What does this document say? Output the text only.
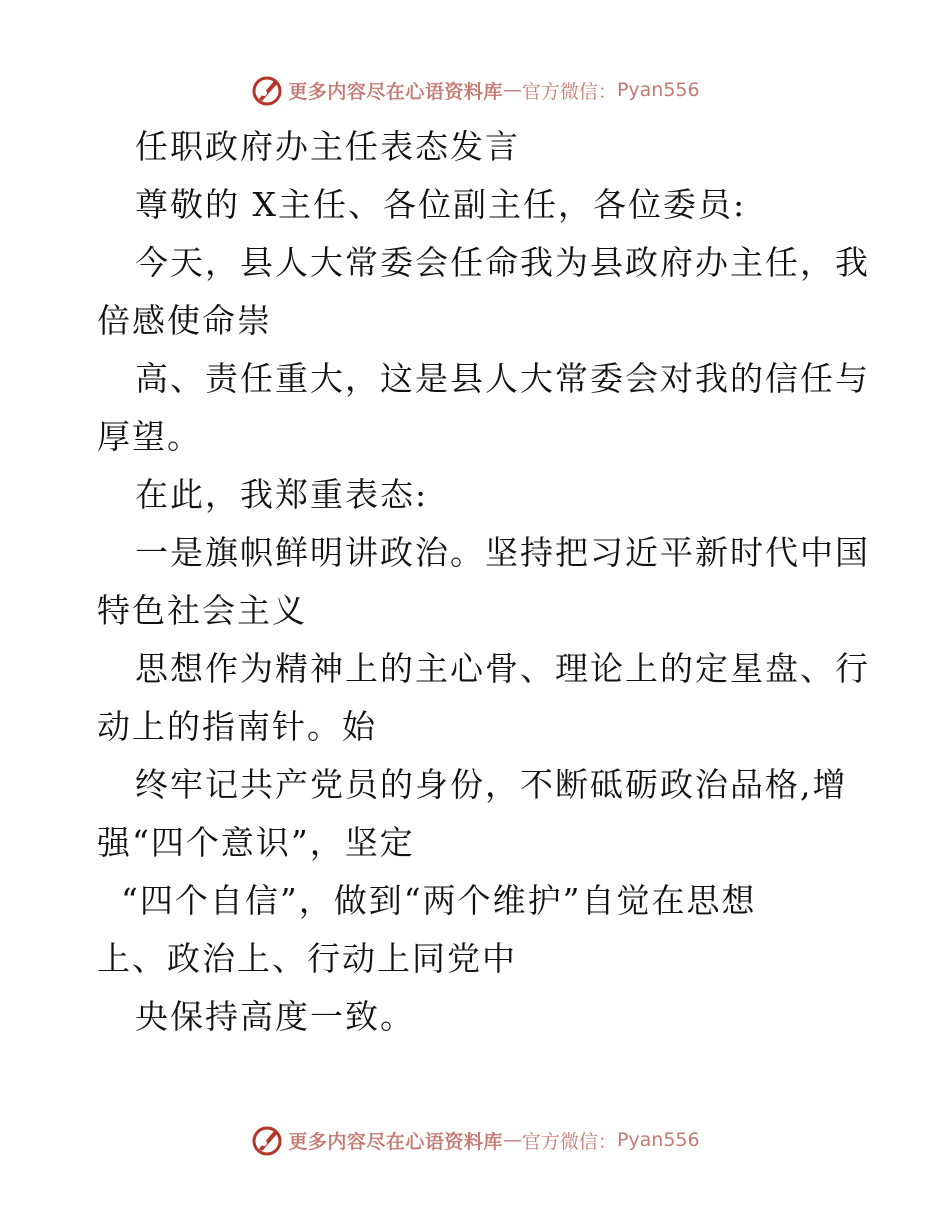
更多内容尽在心语资料库 — 官方微信： Pyan556
任职政府办主任表态发言
尊敬的 X主任、各位副主任，各位委员:
今天，县人大常委会任命我为县政府办主任，我
倍感使命崇
高、责任重大，这是县人大常委会对我的信任与
厚望。
在此，我郑重表态:
一是旗帜鲜明讲政治。坚持把习近平新时代中国
特色社会主义
思想作为精神上的主心骨、理论上的定星盘、行
动上的指南针。始
终牢记共产党员的身份，不断砥砺政治品格,增
强“四个意识”，坚定
“四个自信”，做到“两个维护”自觉在思想
上、政治上、行动上同党中
央保持高度一致。
更多内容尽在心语资料库 — 官方微信： Pyan556
